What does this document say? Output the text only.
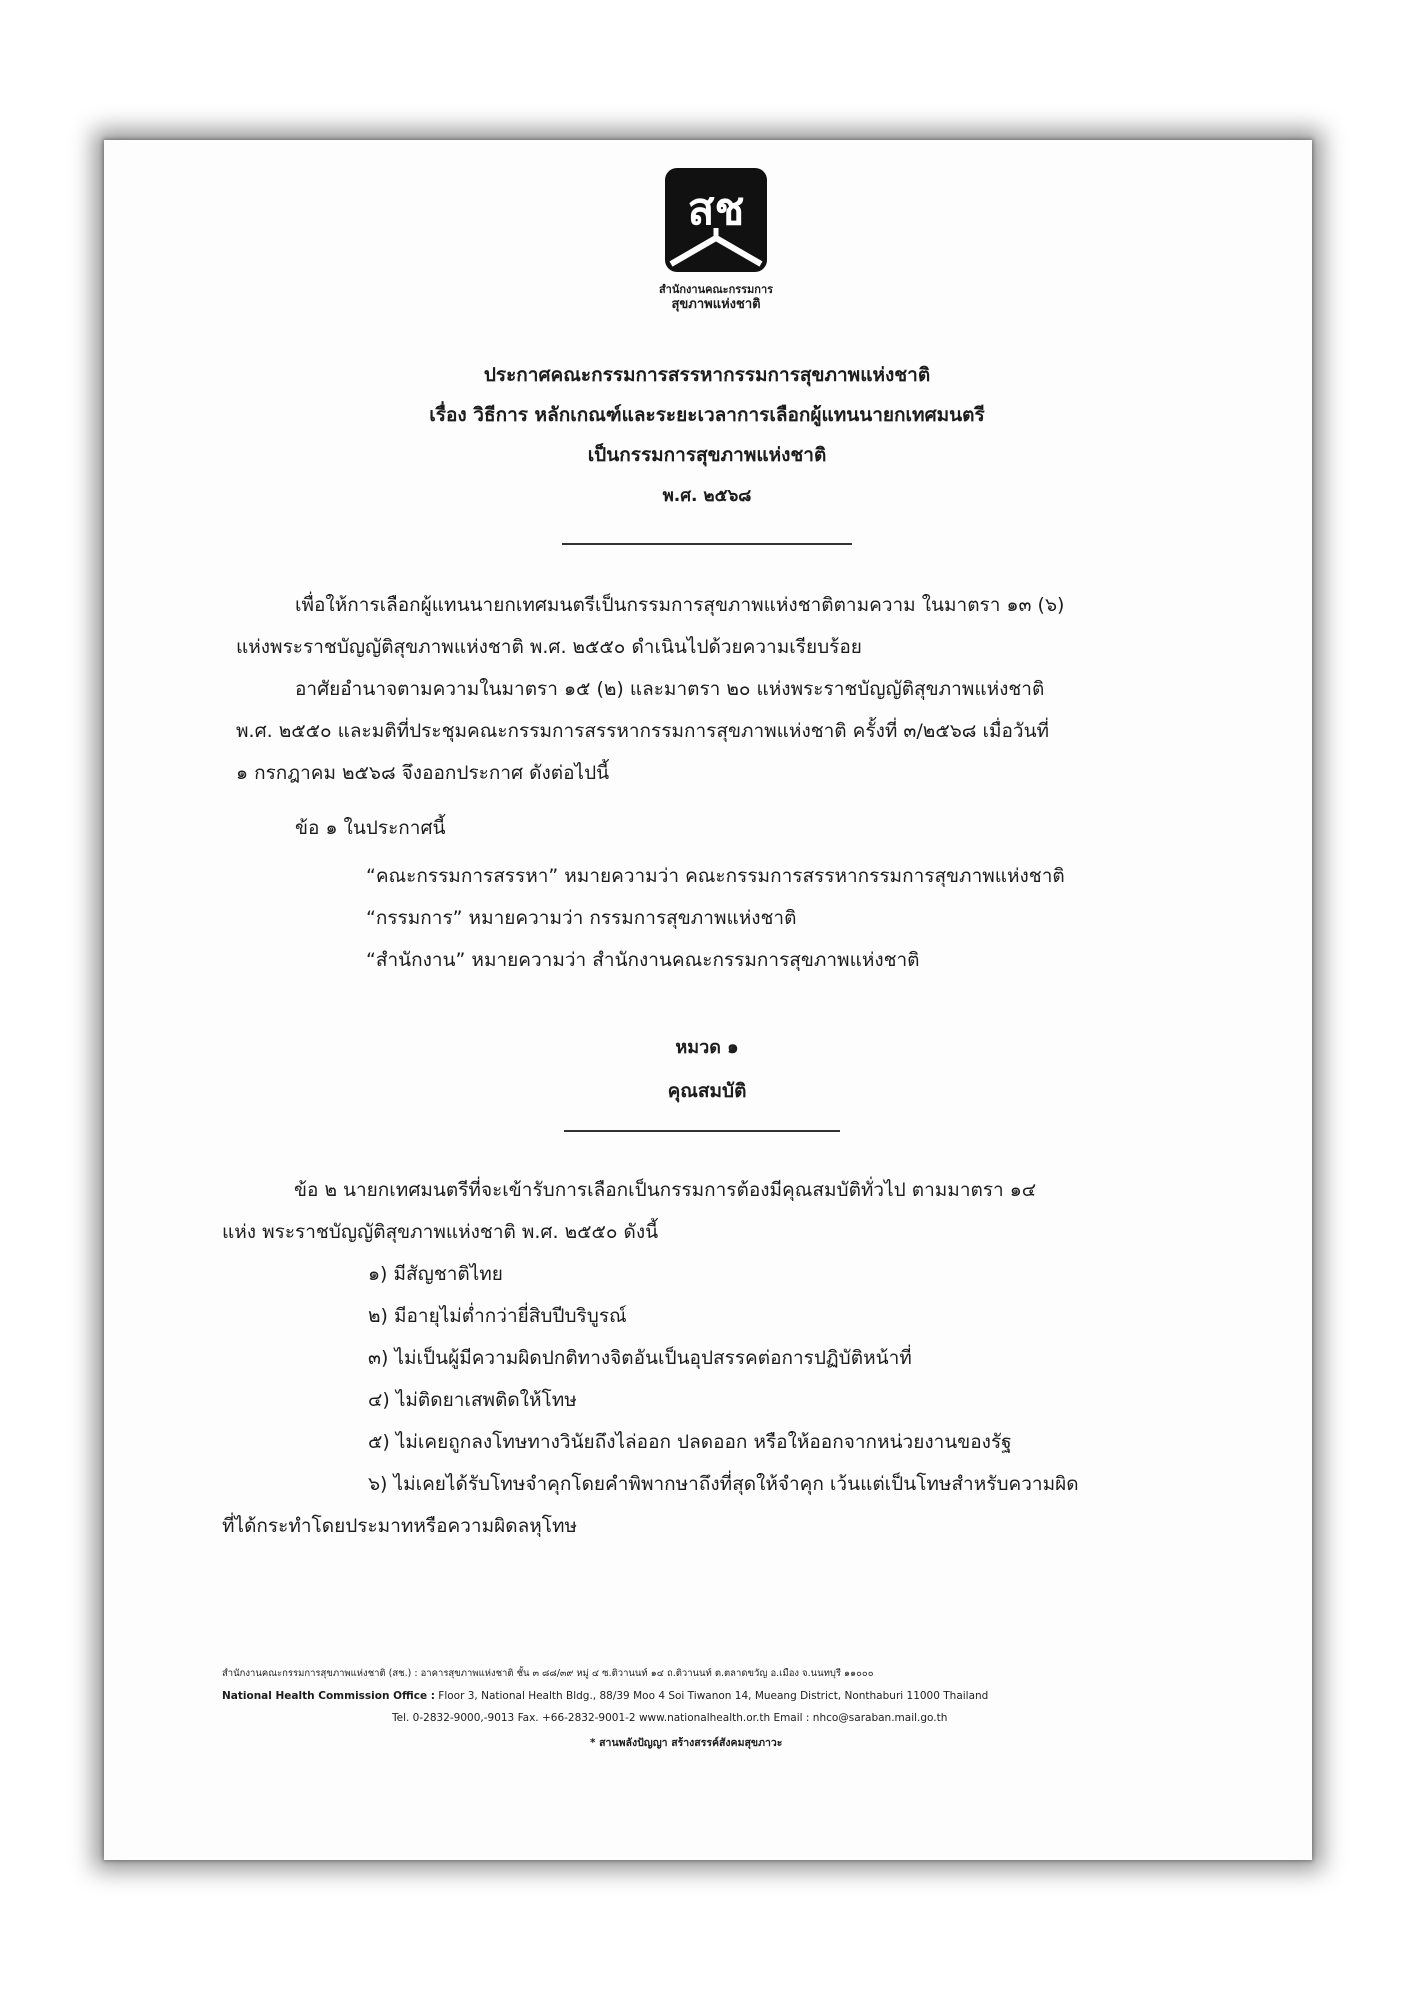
สช
สำนักงานคณะกรรมการ
สุขภาพแห่งชาติ
ประกาศคณะกรรมการสรรหากรรมการสุขภาพแห่งชาติ
เรื่อง วิธีการ หลักเกณฑ์และระยะเวลาการเลือกผู้แทนนายกเทศมนตรี
เป็นกรรมการสุขภาพแห่งชาติ
พ.ศ. ๒๕๖๘
เพื่อให้การเลือกผู้แทนนายกเทศมนตรีเป็นกรรมการสุขภาพแห่งชาติตามความ ในมาตรา ๑๓ (๖)
แห่งพระราชบัญญัติสุขภาพแห่งชาติ พ.ศ. ๒๕๕๐ ดำเนินไปด้วยความเรียบร้อย
อาศัยอำนาจตามความในมาตรา ๑๕ (๒) และมาตรา ๒๐ แห่งพระราชบัญญัติสุขภาพแห่งชาติ
พ.ศ. ๒๕๕๐ และมติที่ประชุมคณะกรรมการสรรหากรรมการสุขภาพแห่งชาติ ครั้งที่ ๓/๒๕๖๘ เมื่อวันที่
๑ กรกฎาคม ๒๕๖๘ จึงออกประกาศ ดังต่อไปนี้
ข้อ ๑ ในประกาศนี้
“คณะกรรมการสรรหา” หมายความว่า คณะกรรมการสรรหากรรมการสุขภาพแห่งชาติ
“กรรมการ” หมายความว่า กรรมการสุขภาพแห่งชาติ
“สำนักงาน” หมายความว่า สำนักงานคณะกรรมการสุขภาพแห่งชาติ
หมวด ๑
คุณสมบัติ
ข้อ ๒ นายกเทศมนตรีที่จะเข้ารับการเลือกเป็นกรรมการต้องมีคุณสมบัติทั่วไป ตามมาตรา ๑๔
แห่ง พระราชบัญญัติสุขภาพแห่งชาติ พ.ศ. ๒๕๕๐ ดังนี้
๑) มีสัญชาติไทย
๒) มีอายุไม่ต่ำกว่ายี่สิบปีบริบูรณ์
๓) ไม่เป็นผู้มีความผิดปกติทางจิตอันเป็นอุปสรรคต่อการปฏิบัติหน้าที่
๔) ไม่ติดยาเสพติดให้โทษ
๕) ไม่เคยถูกลงโทษทางวินัยถึงไล่ออก ปลดออก หรือให้ออกจากหน่วยงานของรัฐ
๖) ไม่เคยได้รับโทษจำคุกโดยคำพิพากษาถึงที่สุดให้จำคุก เว้นแต่เป็นโทษสำหรับความผิด
ที่ได้กระทำโดยประมาทหรือความผิดลหุโทษ
สำนักงานคณะกรรมการสุขภาพแห่งชาติ (สช.) : อาคารสุขภาพแห่งชาติ ชั้น ๓ ๘๘/๓๙ หมู่ ๔ ซ.ติวานนท์ ๑๔ ถ.ติวานนท์ ต.ตลาดขวัญ อ.เมือง จ.นนทบุรี ๑๑๐๐๐
National Health Commission Office : Floor 3, National Health Bldg., 88/39 Moo 4 Soi Tiwanon 14, Mueang District, Nonthaburi 11000 Thailand
Tel. 0-2832-9000,-9013 Fax. +66-2832-9001-2 www.nationalhealth.or.th Email : nhco@saraban.mail.go.th
* สานพลังปัญญา สร้างสรรค์สังคมสุขภาวะ
